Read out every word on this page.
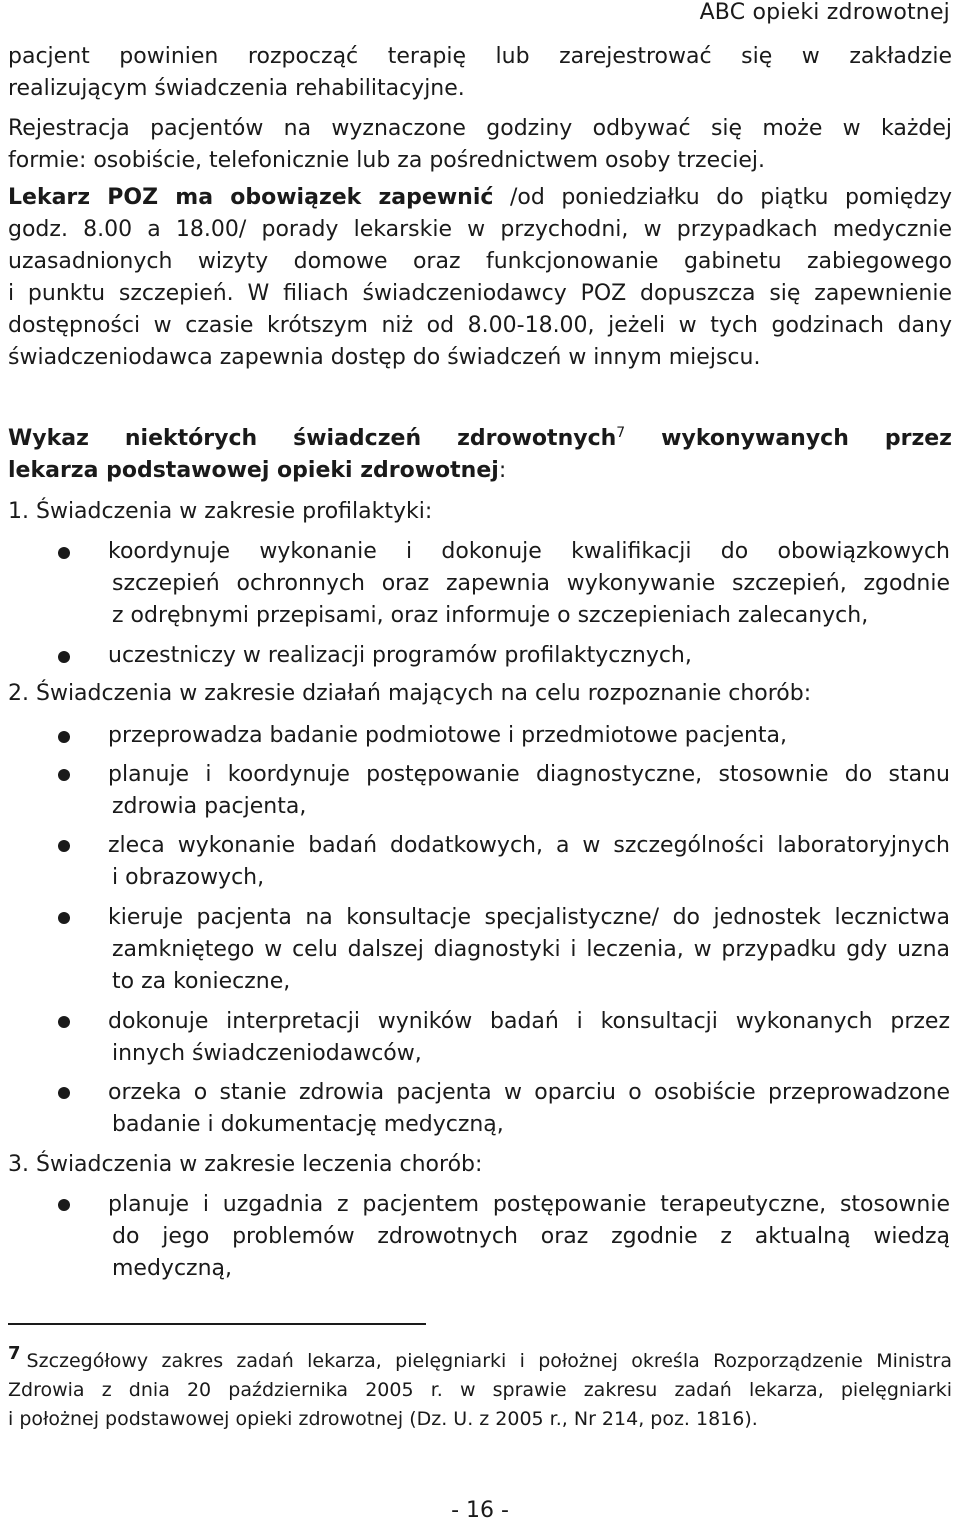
ABC opieki zdrowotnej
pacjent powinien rozpocząć terapię lub zarejestrować się w zakładzie
realizującym świadczenia rehabilitacyjne.
Rejestracja pacjentów na wyznaczone godziny odbywać się może w każdej
formie: osobiście, telefonicznie lub za pośrednictwem osoby trzeciej.
Lekarz POZ ma obowiązek zapewnić /od poniedziałku do piątku pomiędzy
godz. 8.00 a 18.00/ porady lekarskie w przychodni, w przypadkach medycznie
uzasadnionych wizyty domowe oraz funkcjonowanie gabinetu zabiegowego
i punktu szczepień. W filiach świadczeniodawcy POZ dopuszcza się zapewnienie
dostępności w czasie krótszym niż od 8.00-18.00, jeżeli w tych godzinach dany
świadczeniodawca zapewnia dostęp do świadczeń w innym miejscu.
Wykaz niektórych świadczeń zdrowotnych$^7$ wykonywanych przez
lekarza podstawowej opieki zdrowotnej:
1. Świadczenia w zakresie profilaktyki:
koordynuje wykonanie i dokonuje kwalifikacji do obowiązkowych
szczepień ochronnych oraz zapewnia wykonywanie szczepień, zgodnie
z odrębnymi przepisami, oraz informuje o szczepieniach zalecanych,
uczestniczy w realizacji programów profilaktycznych,
2. Świadczenia w zakresie działań mających na celu rozpoznanie chorób:
przeprowadza badanie podmiotowe i przedmiotowe pacjenta,
planuje i koordynuje postępowanie diagnostyczne, stosownie do stanu
zdrowia pacjenta,
zleca wykonanie badań dodatkowych, a w szczególności laboratoryjnych
i obrazowych,
kieruje pacjenta na konsultacje specjalistyczne/ do jednostek lecznictwa
zamkniętego w celu dalszej diagnostyki i leczenia, w przypadku gdy uzna
to za konieczne,
dokonuje interpretacji wyników badań i konsultacji wykonanych przez
innych świadczeniodawców,
orzeka o stanie zdrowia pacjenta w oparciu o osobiście przeprowadzone
badanie i dokumentację medyczną,
3. Świadczenia w zakresie leczenia chorób:
planuje i uzgadnia z pacjentem postępowanie terapeutyczne, stosownie
do jego problemów zdrowotnych oraz zgodnie z aktualną wiedzą
medyczną,
$^7$ Szczegółowy zakres zadań lekarza, pielęgniarki i położnej określa Rozporządzenie Ministra
Zdrowia z dnia 20 października 2005 r. w sprawie zakresu zadań lekarza, pielęgniarki
i położnej podstawowej opieki zdrowotnej (Dz. U. z 2005 r., Nr 214, poz. 1816).
- 16 -
